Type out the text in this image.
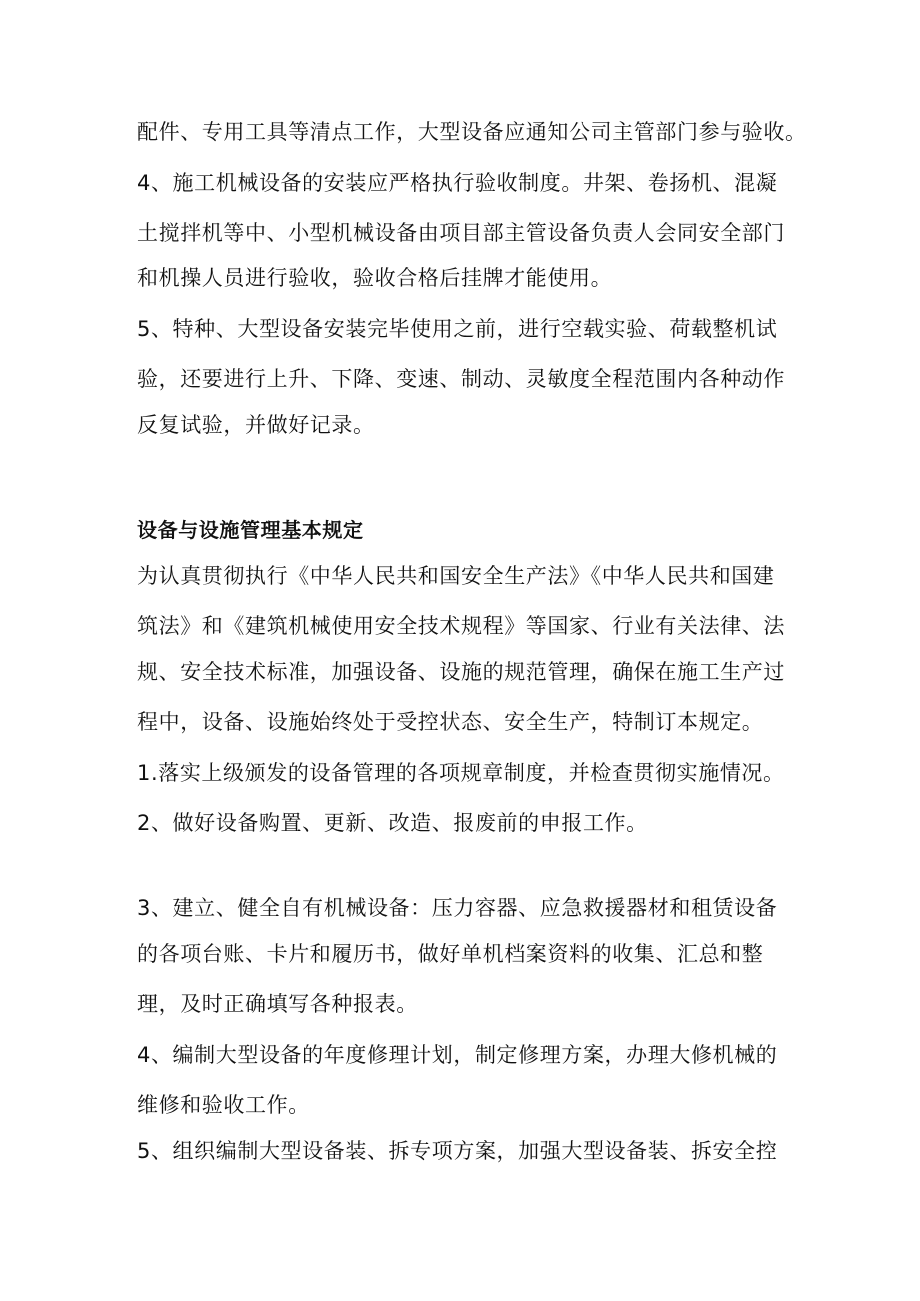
配件、专用工具等清点工作，大型设备应通知公司主管部门参与验收。
4、施工机械设备的安装应严格执行验收制度。井架、卷扬机、混凝
土搅拌机等中、小型机械设备由项目部主管设备负责人会同安全部门
和机操人员进行验收，验收合格后挂牌才能使用。
5、特种、大型设备安装完毕使用之前，进行空载实验、荷载整机试
验，还要进行上升、下降、变速、制动、灵敏度全程范围内各种动作
反复试验，并做好记录。
设备与设施管理基本规定
为认真贯彻执行《中华人民共和国安全生产法》《中华人民共和国建
筑法》和《建筑机械使用安全技术规程》等国家、行业有关法律、法
规、安全技术标准，加强设备、设施的规范管理，确保在施工生产过
程中，设备、设施始终处于受控状态、安全生产，特制订本规定。
1.落实上级颁发的设备管理的各项规章制度，并检查贯彻实施情况。
2、做好设备购置、更新、改造、报废前的申报工作。
3、建立、健全自有机械设备：压力容器、应急救援器材和租赁设备
的各项台账、卡片和履历书，做好单机档案资料的收集、汇总和整
理，及时正确填写各种报表。
4、编制大型设备的年度修理计划，制定修理方案，办理大修机械的
维修和验收工作。
5、组织编制大型设备装、拆专项方案，加强大型设备装、拆安全控
